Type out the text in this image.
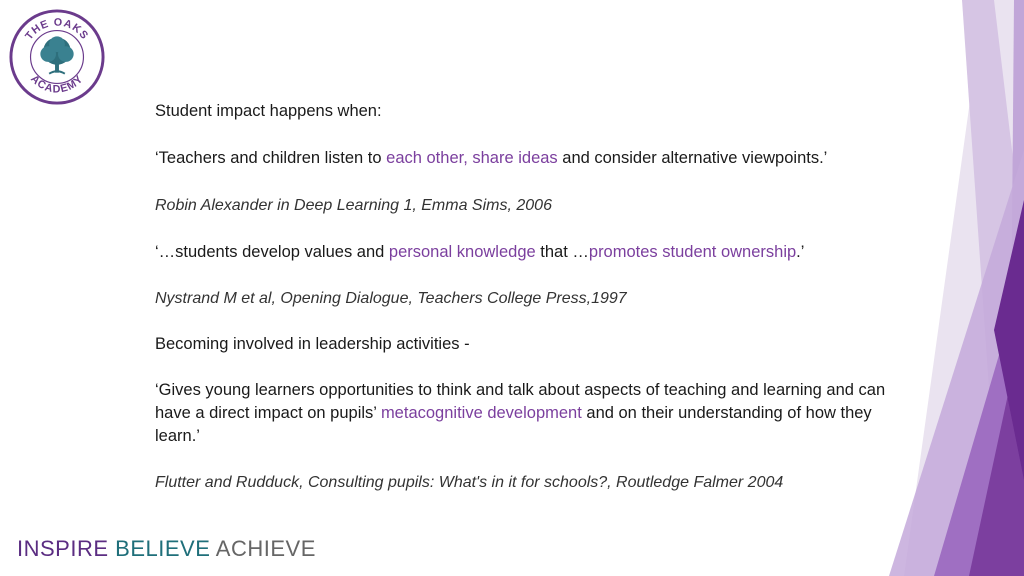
THE OAKS
ACADEMY

Student impact happens when:

‘Teachers and children listen to each other, share ideas and consider alternative viewpoints.’

Robin Alexander in Deep Learning 1, Emma Sims, 2006

‘…students develop values and personal knowledge that …promotes student ownership.’

Nystrand M et al, Opening Dialogue, Teachers College Press,1997

Becoming involved in leadership activities -

‘Gives young learners opportunities to think and talk about aspects of teaching and learning and can have a direct impact on pupils’ metacognitive development and on their understanding of how they learn.’

Flutter and Rudduck, Consulting pupils: What's in it for schools?, Routledge Falmer 2004

INSPIRE BELIEVE ACHIEVE
